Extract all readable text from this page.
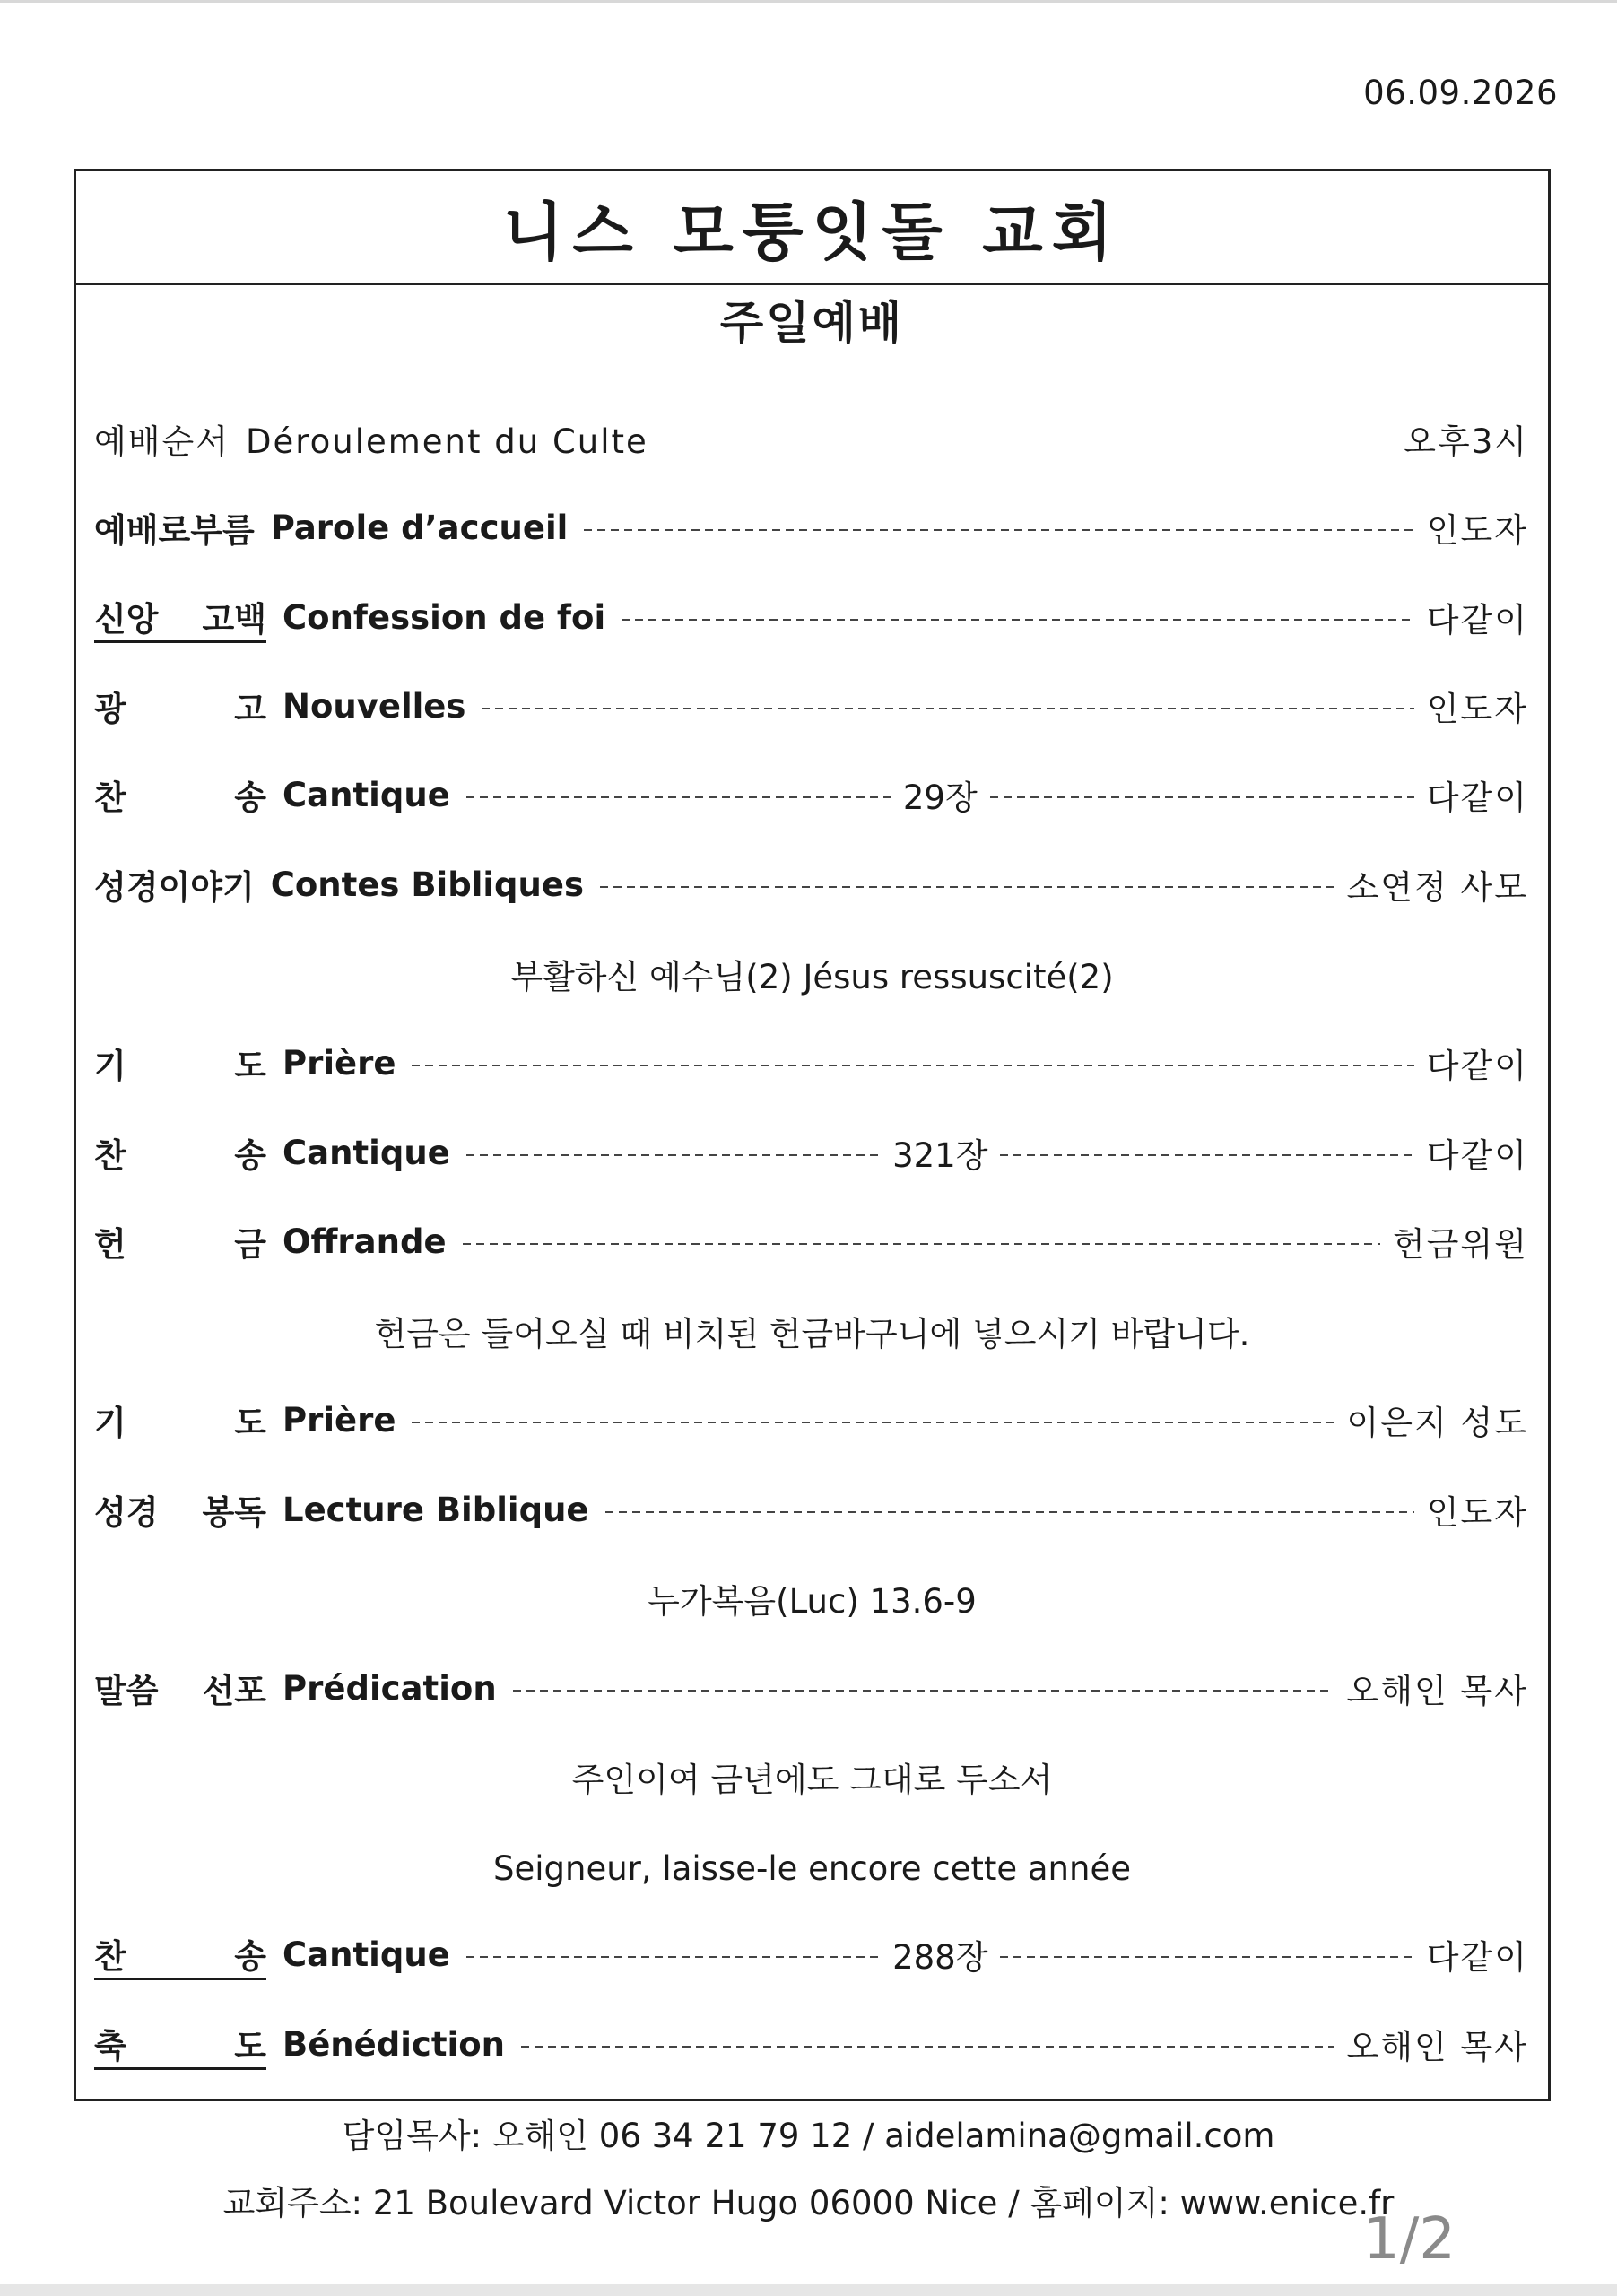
06.09.2026
니스 모퉁잇돌 교회
주일예배
예배순서 Déroulement du Culte	오후3시
예배로부름 Parole d’accueil	인도자
신앙 고백 Confession de foi	다같이
광	고 Nouvelles	인도자
찬	송 Cantique	29장	다같이
성경이야기 Contes Bibliques	소연정 사모
부활하신 예수님(2) Jésus ressuscité(2)
기	도 Prière	다같이
찬	송 Cantique	321장	다같이
헌	금 Offrande	헌금위원
헌금은 들어오실 때 비치된 헌금바구니에 넣으시기 바랍니다.
기	도 Prière	이은지 성도
성경 봉독 Lecture Biblique	인도자
누가복음(Luc) 13.6-9
말씀 선포 Prédication	오해인 목사
주인이여 금년에도 그대로 두소서
Seigneur, laisse-le encore cette année
찬	송 Cantique	288장	다같이
축	도 Bénédiction	오해인 목사
담임목사: 오해인 06 34 21 79 12 / aidelamina@gmail.com
교회주소: 21 Boulevard Victor Hugo 06000 Nice / 홈페이지: www.enice.fr
1/2
